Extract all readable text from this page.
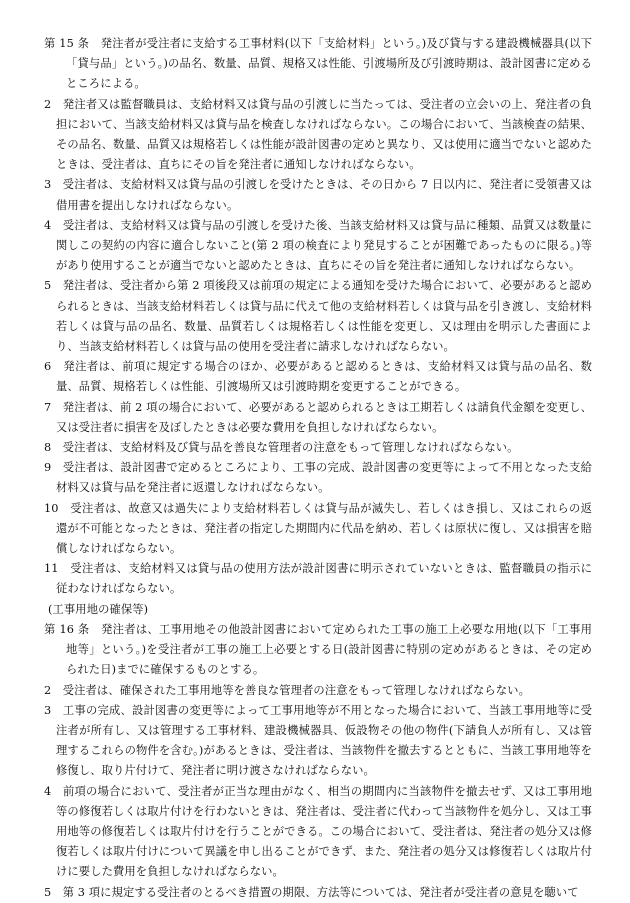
第 15 条 発注者が受注者に支給する工事材料(以下「支給材料」という。)及び貸与する建設機械器具(以下「貸与品」という。)の品名、数量、品質、規格又は性能、引渡場所及び引渡時期は、設計図書に定めるところによる。

2 発注者又は監督職員は、支給材料又は貸与品の引渡しに当たっては、受注者の立会いの上、発注者の負担において、当該支給材料又は貸与品を検査しなければならない。この場合において、当該検査の結果、その品名、数量、品質又は規格若しくは性能が設計図書の定めと異なり、又は使用に適当でないと認めたときは、受注者は、直ちにその旨を発注者に通知しなければならない。

3 受注者は、支給材料又は貸与品の引渡しを受けたときは、その日から 7 日以内に、発注者に受領書又は借用書を提出しなければならない。

4 受注者は、支給材料又は貸与品の引渡しを受けた後、当該支給材料又は貸与品に種類、品質又は数量に関しこの契約の内容に適合しないこと(第 2 項の検査により発見することが困難であったものに限る。)等があり使用することが適当でないと認めたときは、直ちにその旨を発注者に通知しなければならない。

5 発注者は、受注者から第 2 項後段又は前項の規定による通知を受けた場合において、必要があると認められるときは、当該支給材料若しくは貸与品に代えて他の支給材料若しくは貸与品を引き渡し、支給材料若しくは貸与品の品名、数量、品質若しくは規格若しくは性能を変更し、又は理由を明示した書面により、当該支給材料若しくは貸与品の使用を受注者に請求しなければならない。

6 発注者は、前項に規定する場合のほか、必要があると認めるときは、支給材料又は貸与品の品名、数量、品質、規格若しくは性能、引渡場所又は引渡時期を変更することができる。

7 発注者は、前 2 項の場合において、必要があると認められるときは工期若しくは請負代金額を変更し、又は受注者に損害を及ぼしたときは必要な費用を負担しなければならない。

8 受注者は、支給材料及び貸与品を善良な管理者の注意をもって管理しなければならない。

9 受注者は、設計図書で定めるところにより、工事の完成、設計図書の変更等によって不用となった支給材料又は貸与品を発注者に返還しなければならない。

10 受注者は、故意又は過失により支給材料若しくは貸与品が滅失し、若しくはき損し、又はこれらの返還が不可能となったときは、発注者の指定した期間内に代品を納め、若しくは原状に復し、又は損害を賠償しなければならない。

11 受注者は、支給材料又は貸与品の使用方法が設計図書に明示されていないときは、監督職員の指示に従わなければならない。

(工事用地の確保等)

第 16 条 発注者は、工事用地その他設計図書において定められた工事の施工上必要な用地(以下「工事用地等」という。)を受注者が工事の施工上必要とする日(設計図書に特別の定めがあるときは、その定められた日)までに確保するものとする。

2 受注者は、確保された工事用地等を善良な管理者の注意をもって管理しなければならない。

3 工事の完成、設計図書の変更等によって工事用地等が不用となった場合において、当該工事用地等に受注者が所有し、又は管理する工事材料、建設機械器具、仮設物その他の物件(下請負人が所有し、又は管理するこれらの物件を含む。)があるときは、受注者は、当該物件を撤去するとともに、当該工事用地等を修復し、取り片付けて、発注者に明け渡さなければならない。

4 前項の場合において、受注者が正当な理由がなく、相当の期間内に当該物件を撤去せず、又は工事用地等の修復若しくは取片付けを行わないときは、発注者は、受注者に代わって当該物件を処分し、又は工事用地等の修復若しくは取片付けを行うことができる。この場合において、受注者は、発注者の処分又は修復若しくは取片付けについて異議を申し出ることができず、また、発注者の処分又は修復若しくは取片付けに要した費用を負担しなければならない。

5 第 3 項に規定する受注者のとるべき措置の期限、方法等については、発注者が受注者の意見を聴いて
